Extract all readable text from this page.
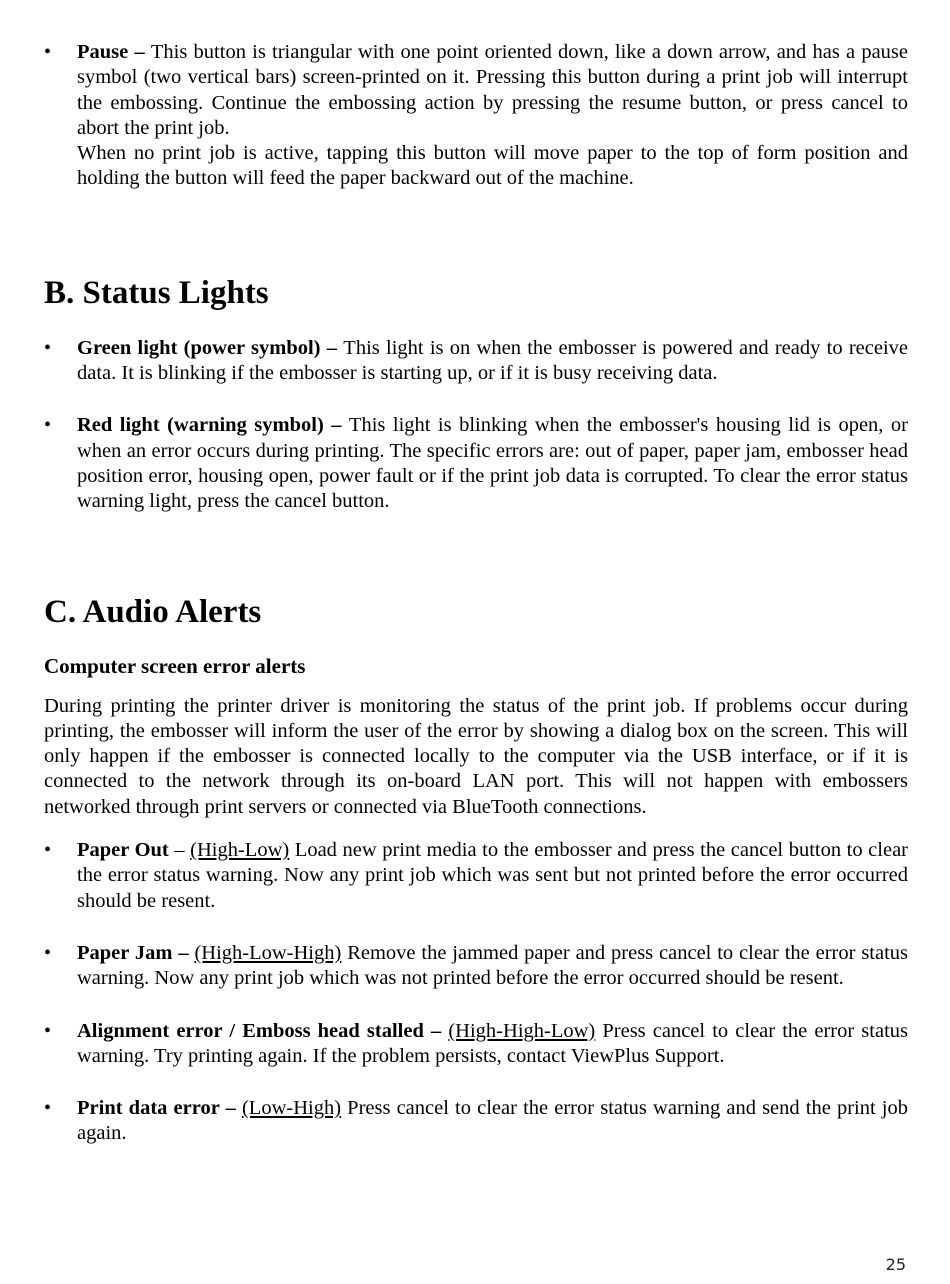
•	Pause – This button is triangular with one point oriented down, like a down arrow, and has a pause symbol (two vertical bars) screen-printed on it. Pressing this button during a print job will interrupt the embossing. Continue the embossing action by pressing the resume button, or press cancel to abort the print job.

When no print job is active, tapping this button will move paper to the top of form position and holding the button will feed the paper backward out of the machine.

B. Status Lights
•	Green light (power symbol) – This light is on when the embosser is powered and ready to receive data. It is blinking if the embosser is starting up, or if it is busy receiving data.

•	Red light (warning symbol) – This light is blinking when the embosser's housing lid is open, or when an error occurs during printing. The specific errors are: out of paper, paper jam, embosser head position error, housing open, power fault or if the print job data is corrupted. To clear the error status warning light, press the cancel button.

C. Audio Alerts
Computer screen error alerts

During printing the printer driver is monitoring the status of the print job. If problems occur during printing, the embosser will inform the user of the error by showing a dialog box on the screen. This will only happen if the embosser is connected locally to the computer via the USB interface, or if it is connected to the network through its on-board LAN port. This will not happen with embossers networked through print servers or connected via BlueTooth connections.

•	Paper Out – (High-Low) Load new print media to the embosser and press the cancel button to clear the error status warning. Now any print job which was sent but not printed before the error occurred should be resent.

•	Paper Jam – (High-Low-High) Remove the jammed paper and press cancel to clear the error status warning. Now any print job which was not printed before the error occurred should be resent.

•	Alignment error / Emboss head stalled – (High-High-Low) Press cancel to clear the error status warning. Try printing again. If the problem persists, contact ViewPlus Support.

•	Print data error – (Low-High) Press cancel to clear the error status warning and send the print job again.

25
